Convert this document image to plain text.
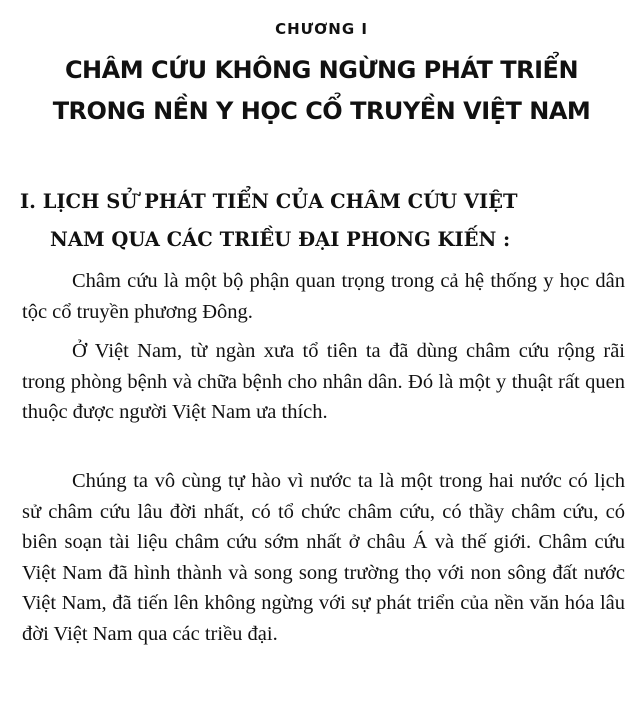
CHƯƠNG I
CHÂM CỨU KHÔNG NGỪNG PHÁT TRIỂN
TRONG NỀN Y HỌC CỔ TRUYỀN VIỆT NAM
I. LỊCH SỬ PHÁT TIỂN CỦA CHÂM CỨU VIỆT
NAM QUA CÁC TRIỀU ĐẠI PHONG KIẾN :
Châm cứu là một bộ phận quan trọng trong cả hệ thống y học dân tộc cổ truyền phương Đông.
Ở Việt Nam, từ ngàn xưa tổ tiên ta đã dùng châm cứu rộng rãi trong phòng bệnh và chữa bệnh cho nhân dân. Đó là một y thuật rất quen thuộc được người Việt Nam ưa thích.
Chúng ta vô cùng tự hào vì nước ta là một trong hai nước có lịch sử châm cứu lâu đời nhất, có tổ chức châm cứu, có thầy châm cứu, có biên soạn tài liệu châm cứu sớm nhất ở châu Á và thế giới. Châm cứu Việt Nam đã hình thành và song song trường thọ với non sông đất nước Việt Nam, đã tiến lên không ngừng với sự phát triển của nền văn hóa lâu đời Việt Nam qua các triều đại.
